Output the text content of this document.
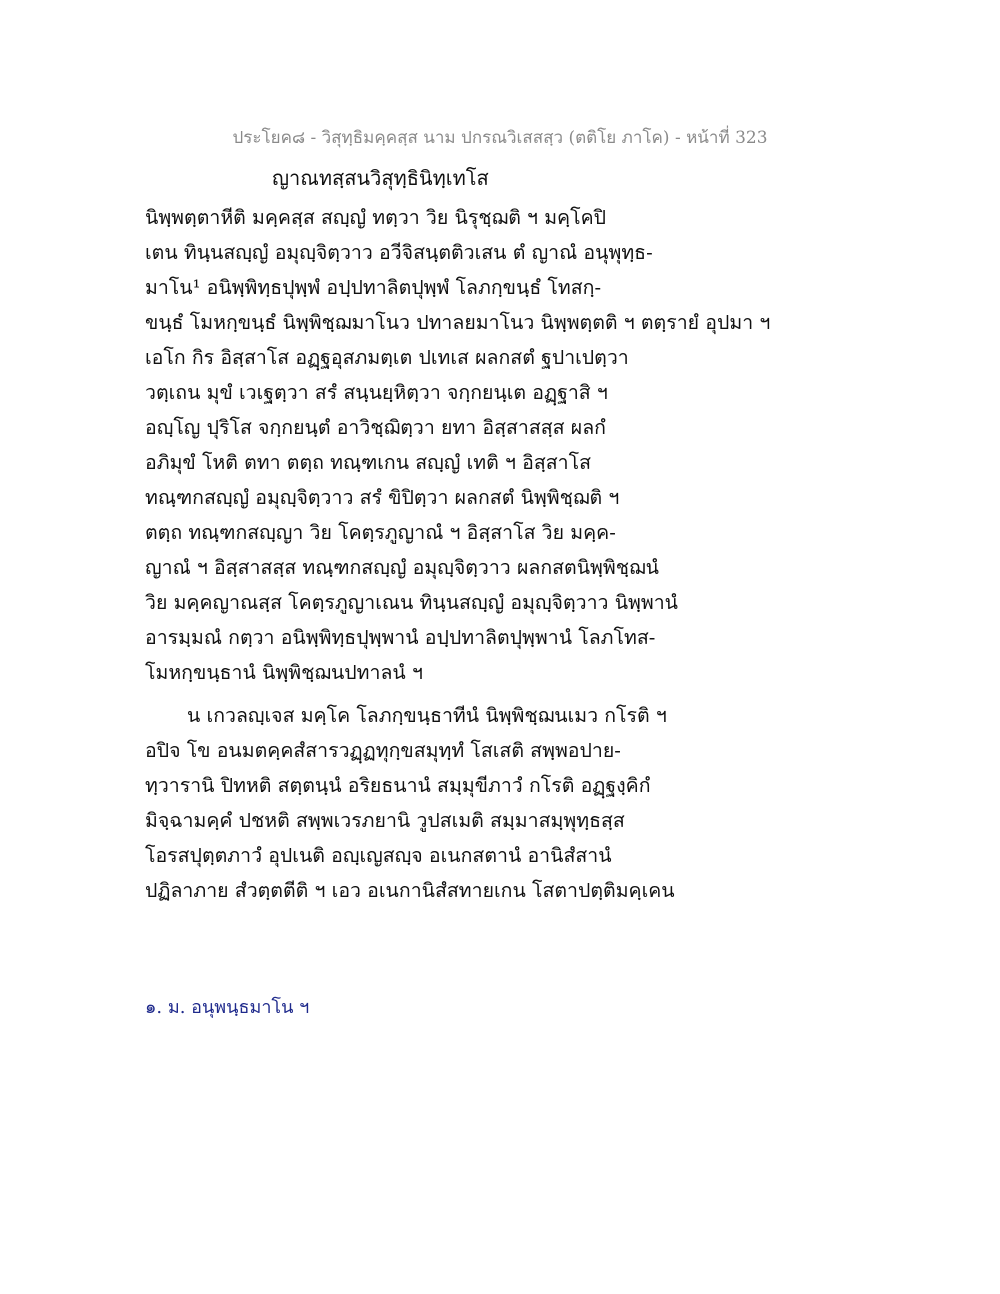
ประโยค๘ - วิสุทฺธิมคฺคสฺส นาม ปกรณวิเสสสฺว (ตติโย ภาโค) - หน้าที่ 323
ญาณทสฺสนวิสุทฺธินิทฺเทโส
นิพฺพตฺตาหีติ มคฺคสฺส สญฺญํ ทตฺวา วิย นิรุชฺฌติ ฯ มคฺโคปิ
เตน ทินฺนสญฺญํ อมุญฺจิตฺวาว อวีจิสนฺตติวเสน ตํ ญาณํ อนุพุทฺธ-
มาโน¹ อนิพฺพิทฺธปุพฺพํ อปฺปทาลิตปุพฺพํ โลภกฺขนฺธํ โทสกฺ-
ขนฺธํ โมหกฺขนฺธํ นิพฺพิชฺฌมาโนว ปทาลยมาโนว นิพฺพตฺตติ ฯ ตตฺรายํ อุปมา ฯ
เอโก กิร อิสฺสาโส อฏฺฐอุสภมตฺเต ปเทเส ผลกสตํ ฐปาเปตฺวา
วตฺเถน มุขํ เวเฐตฺวา สรํ สนฺนยฺหิตฺวา จกฺกยนฺเต อฏฺฐาสิ ฯ
อญฺโญ ปุริโส จกฺกยนฺตํ อาวิชฺฌิตฺวา ยทา อิสฺสาสสฺส ผลกํ
อภิมุขํ โหติ ตทา ตตฺถ ทณฺฑเกน สญฺญํ เทติ ฯ อิสฺสาโส
ทณฺฑกสญฺญํ อมุญฺจิตฺวาว สรํ ขิปิตฺวา ผลกสตํ นิพฺพิชฺฌติ ฯ
ตตฺถ ทณฺฑกสญฺญา วิย โคตฺรภูญาณํ ฯ อิสฺสาโส วิย มคฺค-
ญาณํ ฯ อิสฺสาสสฺส ทณฺฑกสญฺญํ อมุญฺจิตฺวาว ผลกสตนิพฺพิชฺฌนํ
วิย มคฺคญาณสฺส โคตฺรภูญาเณน ทินฺนสญฺญํ อมุญฺจิตฺวาว นิพฺพานํ
อารมฺมณํ กตฺวา อนิพฺพิทฺธปุพฺพานํ อปฺปทาลิตปุพฺพานํ โลภโทส-
โมหกฺขนฺธานํ นิพฺพิชฺฌนปทาลนํ ฯ
น เกวลญฺเจส มคฺโค โลภกฺขนฺธาทีนํ นิพฺพิชฺฌนเมว กโรติ ฯ
อปิจ โข อนมตคฺคสํสารวฏฺฏทุกฺขสมุทฺทํ โสเสติ สพฺพอปาย-
ทฺวารานิ ปิทหติ สตฺตนฺนํ อริยธนานํ สมฺมุขีภาวํ กโรติ อฏฺฐงฺคิกํ
มิจฺฉามคฺคํ ปชหติ สพฺพเวรภยานิ วูปสเมติ สมฺมาสมฺพุทฺธสฺส
โอรสปุตฺตภาวํ อุปเนติ อญฺเญสญฺจ อเนกสตานํ อานิสํสานํ
ปฏิลาภาย สํวตฺตตีติ ฯ เอว อเนกานิสํสทายเกน โสตาปตฺติมคฺเคน
๑. ม. อนุพนฺธมาโน ฯ
